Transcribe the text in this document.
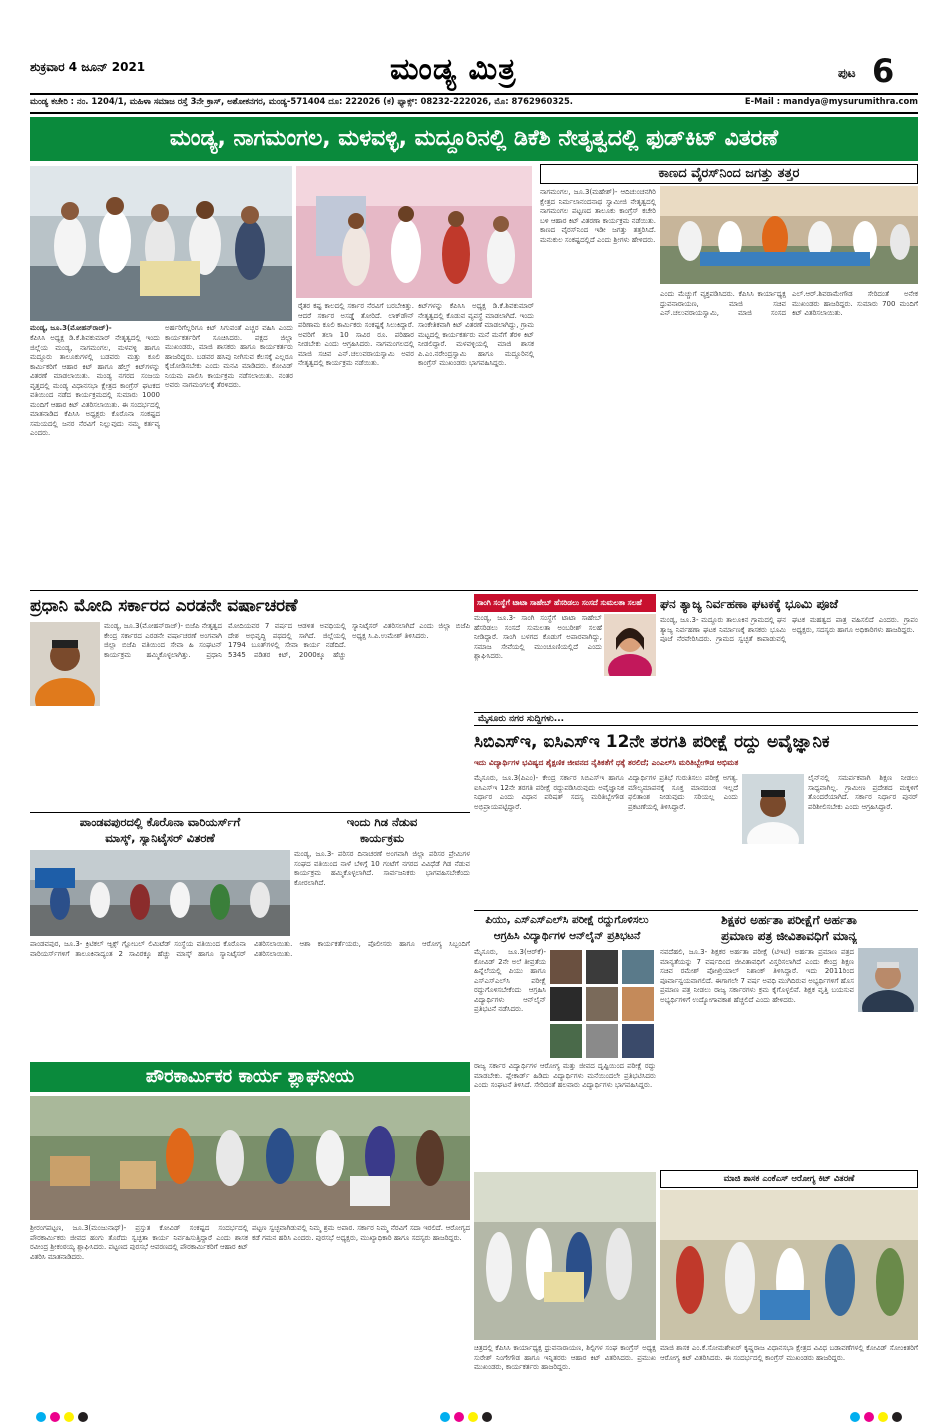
ಶುಕ್ರವಾರ 4 ಜೂನ್ 2021	ಮಂಡ್ಯ ಮಿತ್ರ	ಪುಟ 6
ಮಂಡ್ಯ ಕಚೇರಿ : ನಂ. 1204/1, ಮಹಿಳಾ ಸಮಾಜ ರಸ್ತೆ 3ನೇ ಕ್ರಾಸ್, ಅಶೋಕನಗರ, ಮಂಡ್ಯ-571404 ದೂ: 222026 (ಕ) ಫ್ಯಾಕ್ಸ್: 08232-222026, ಮೊ: 8762960325.	E-Mail : mandya@mysurumithra.com
ಮಂಡ್ಯ, ನಾಗಮಂಗಲ, ಮಳವಳ್ಳಿ, ಮದ್ದೂರಿನಲ್ಲಿ ಡಿಕೆಶಿ ನೇತೃತ್ವದಲ್ಲಿ ಫುಡ್‌ಕಿಟ್ ವಿತರಣೆ
ಮಂಡ್ಯ, ಜೂ.3(ಮೋಹನ್‌ರಾಜ್)-
ಕೆಪಿಸಿಸಿ ಅಧ್ಯಕ್ಷ ಡಿ.ಕೆ.ಶಿವಕುಮಾರ್ ನೇತೃತ್ವದಲ್ಲಿ ಇಂದು ಜಿಲ್ಲೆಯ ಮಂಡ್ಯ, ನಾಗಮಂಗಲ, ಮಳವಳ್ಳಿ ಹಾಗೂ ಮದ್ದೂರು ತಾಲೂಕುಗಳಲ್ಲಿ ಬಡವರು ಮತ್ತು ಕೂಲಿ ಕಾರ್ಮಿಕರಿಗೆ ಆಹಾರ ಕಿಟ್ ಹಾಗೂ ಹೆಲ್ತ್ ಕಿಟ್‌ಗಳನ್ನು ವಿತರಣೆ ಮಾಡಲಾಯಿತು. ಮಂಡ್ಯ ನಗರದ ಸಂಜಯ ವೃತ್ತದಲ್ಲಿ ಮಂಡ್ಯ ವಿಧಾನಸಭಾ ಕ್ಷೇತ್ರದ ಕಾಂಗ್ರೆಸ್ ಘಟಕದ ವತಿಯಿಂದ ನಡೆದ ಕಾರ್ಯಕ್ರಮದಲ್ಲಿ ಸುಮಾರು 1000 ಮಂದಿಗೆ ಆಹಾರ ಕಿಟ್ ವಿತರಿಸಲಾಯಿತು. ಈ ಸಂದರ್ಭದಲ್ಲಿ ಮಾತನಾಡಿದ ಕೆಪಿಸಿಸಿ ಅಧ್ಯಕ್ಷರು ಕೊರೊನಾ ಸಂಕಷ್ಟದ ಸಮಯದಲ್ಲಿ ಜನರ ನೆರವಿಗೆ ನಿಲ್ಲುವುದು ನಮ್ಮ ಕರ್ತವ್ಯ ಎಂದರು.
ಅರ್ಹರಿಗೆಲ್ಲರಿಗೂ ಕಿಟ್ ಸಿಗುವಂತೆ ಎಚ್ಚರ ವಹಿಸಿ ಎಂದು ಕಾರ್ಯಕರ್ತರಿಗೆ ಸೂಚಿಸಿದರು. ಪಕ್ಷದ ಜಿಲ್ಲಾ ಮುಖಂಡರು, ಮಾಜಿ ಶಾಸಕರು ಹಾಗೂ ಕಾರ್ಯಕರ್ತರು ಹಾಜರಿದ್ದರು. ಬಡವರ ಹಸಿವು ನೀಗಿಸುವ ಕೆಲಸಕ್ಕೆ ಎಲ್ಲರೂ ಕೈಜೋಡಿಸಬೇಕು ಎಂದು ಮನವಿ ಮಾಡಿದರು. ಕೋವಿಡ್ ನಿಯಮ ಪಾಲಿಸಿ ಕಾರ್ಯಕ್ರಮ ನಡೆಸಲಾಯಿತು. ನಂತರ ಅವರು ನಾಗಮಂಗಲಕ್ಕೆ ತೆರಳಿದರು.
ರೈತರ ಕಷ್ಟ ಕಾಲದಲ್ಲಿ ಸರ್ಕಾರ ನೆರವಿಗೆ ಬರಬೇಕಿತ್ತು. ಆದರೆ ಸರ್ಕಾರ ಅಸಡ್ಡೆ ತೋರಿದೆ. ಲಾಕ್‌ಡೌನ್ ಪರಿಣಾಮ ಕೂಲಿ ಕಾರ್ಮಿಕರು ಸಂಕಷ್ಟಕ್ಕೆ ಸಿಲುಕಿದ್ದಾರೆ. ಅವರಿಗೆ ತಲಾ 10 ಸಾವಿರ ರೂ. ಪರಿಹಾರ ನೀಡಬೇಕು ಎಂದು ಆಗ್ರಹಿಸಿದರು. ನಾಗಮಂಗಲದಲ್ಲಿ ಮಾಜಿ ಸಚಿವ ಎನ್.ಚಲುವರಾಯಸ್ವಾಮಿ ಅವರ ನೇತೃತ್ವದಲ್ಲಿ ಕಾರ್ಯಕ್ರಮ ನಡೆಯಿತು.
ಕಿಟ್‌ಗಳನ್ನು ಕೆಪಿಸಿಸಿ ಅಧ್ಯಕ್ಷ ಡಿ.ಕೆ.ಶಿವಕುಮಾರ್ ನೇತೃತ್ವದಲ್ಲಿ ಕೊಡುವ ವ್ಯವಸ್ಥೆ ಮಾಡಲಾಗಿದೆ. ಇಂದು ಸಾಂಕೇತಿಕವಾಗಿ ಕಿಟ್ ವಿತರಣೆ ಮಾಡಲಾಗಿದ್ದು, ಗ್ರಾಮ ಮಟ್ಟದಲ್ಲಿ ಕಾರ್ಯಕರ್ತರು ಮನೆ ಮನೆಗೆ ತೆರಳಿ ಕಿಟ್ ನೀಡಲಿದ್ದಾರೆ. ಮಳವಳ್ಳಿಯಲ್ಲಿ ಮಾಜಿ ಶಾಸಕ ಪಿ.ಎಂ.ನರೇಂದ್ರಸ್ವಾಮಿ ಹಾಗೂ ಮದ್ದೂರಿನಲ್ಲಿ ಕಾಂಗ್ರೆಸ್ ಮುಖಂಡರು ಭಾಗವಹಿಸಿದ್ದರು.
ಕಾಣದ ವೈರಸ್‌ನಿಂದ ಜಗತ್ತು ತತ್ತರ
ನಾಗಮಂಗಲ, ಜೂ.3(ಮಹೇಶ್)- ಆದಿಚುಂಚನಗಿರಿ ಕ್ಷೇತ್ರದ ನಿರ್ಮಲಾನಂದನಾಥ ಸ್ವಾಮೀಜಿ ನೇತೃತ್ವದಲ್ಲಿ ನಾಗಮಂಗಲ ಪಟ್ಟಣದ ತಾಲೂಕು ಕಾಂಗ್ರೆಸ್ ಕಚೇರಿ ಬಳಿ ಆಹಾರ ಕಿಟ್ ವಿತರಣಾ ಕಾರ್ಯಕ್ರಮ ನಡೆಯಿತು. ಕಾಣದ ವೈರಸ್‌ನಿಂದ ಇಡೀ ಜಗತ್ತು ತತ್ತರಿಸಿದೆ. ಮನುಕುಲ ಸಂಕಷ್ಟದಲ್ಲಿದೆ ಎಂದು ಶ್ರೀಗಳು ಹೇಳಿದರು.
ಎಂದು ಮೆಚ್ಚುಗೆ ವ್ಯಕ್ತಪಡಿಸಿದರು. ಕೆಪಿಸಿಸಿ ಕಾರ್ಯಾಧ್ಯಕ್ಷ ಧ್ರುವನಾರಾಯಣ, ಮಾಜಿ ಸಚಿವ ಎನ್.ಚಲುವರಾಯಸ್ವಾಮಿ, ಮಾಜಿ ಸಂಸದ ಎಲ್.ಆರ್.ಶಿವರಾಮೇಗೌಡ ಸೇರಿದಂತೆ ಅನೇಕ ಮುಖಂಡರು ಹಾಜರಿದ್ದರು. ಸುಮಾರು 700 ಮಂದಿಗೆ ಕಿಟ್ ವಿತರಿಸಲಾಯಿತು.
ಪ್ರಧಾನಿ ಮೋದಿ ಸರ್ಕಾರದ ಎರಡನೇ ವರ್ಷಾಚರಣೆ
ಮಂಡ್ಯ, ಜೂ.3(ಮೋಹನ್‌ರಾಜ್)- ಬಿಜೆಪಿ ನೇತೃತ್ವದ ಕೇಂದ್ರ ಸರ್ಕಾರದ ಎರಡನೇ ವರ್ಷಾಚರಣೆ ಅಂಗವಾಗಿ ಜಿಲ್ಲಾ ಬಿಜೆಪಿ ವತಿಯಿಂದ ಸೇವಾ ಹಿ ಸಂಘಟನ್ ಕಾರ್ಯಕ್ರಮ ಹಮ್ಮಿಕೊಳ್ಳಲಾಗಿತ್ತು. ಪ್ರಧಾನಿ ಮೋದಿಯವರ 7 ವರ್ಷದ ಆಡಳಿತ ಅವಧಿಯಲ್ಲಿ ದೇಶ ಅಭಿವೃದ್ಧಿ ಪಥದಲ್ಲಿ ಸಾಗಿದೆ. ಜಿಲ್ಲೆಯಲ್ಲಿ 1794 ಬೂತ್‌ಗಳಲ್ಲಿ ಸೇವಾ ಕಾರ್ಯ ನಡೆದಿದೆ. 5345 ಪಡಿತರ ಕಿಟ್, 2000ಕ್ಕೂ ಹೆಚ್ಚು ಸ್ಯಾನಿಟೈಸರ್ ವಿತರಿಸಲಾಗಿದೆ ಎಂದು ಜಿಲ್ಲಾ ಬಿಜೆಪಿ ಅಧ್ಯಕ್ಷ ಸಿ.ಪಿ.ಉಮೇಶ್ ತಿಳಿಸಿದರು.
ಸಾಂಗಿ ಸಂಸ್ಥೆಗೆ ಟಾಟಾ ಸಾಹೇಬ್ ಹೆಸರಿಡಲು ಸಂಸದೆ ಸುಮಲತಾ ಸಲಹೆ
ಮಂಡ್ಯ, ಜೂ.3- ಸಾಂಗಿ ಸಂಸ್ಥೆಗೆ ಟಾಟಾ ಸಾಹೇಬ್ ಹೆಸರಿಡಲು ಸಂಸದೆ ಸುಮಲತಾ ಅಂಬರೀಶ್ ಸಲಹೆ ನೀಡಿದ್ದಾರೆ. ಸಾಂಗಿ ಬಳಗದ ಕೊಡುಗೆ ಅಪಾರವಾಗಿದ್ದು, ಸಮಾಜ ಸೇವೆಯಲ್ಲಿ ಮುಂಚೂಣಿಯಲ್ಲಿದೆ ಎಂದು ಶ್ಲಾಘಿಸಿದರು.
ಘನ ತ್ಯಾಜ್ಯ ನಿರ್ವಹಣಾ ಘಟಕಕ್ಕೆ ಭೂಮಿ ಪೂಜೆ
ಮಂಡ್ಯ, ಜೂ.3- ಮದ್ದೂರು ತಾಲೂಕಿನ ಗ್ರಾಮದಲ್ಲಿ ಘನ ತ್ಯಾಜ್ಯ ನಿರ್ವಹಣಾ ಘಟಕ ನಿರ್ಮಾಣಕ್ಕೆ ಶಾಸಕರು ಭೂಮಿ ಪೂಜೆ ನೆರವೇರಿಸಿದರು. ಗ್ರಾಮದ ಸ್ವಚ್ಛತೆ ಕಾಪಾಡುವಲ್ಲಿ ಘಟಕ ಮಹತ್ವದ ಪಾತ್ರ ವಹಿಸಲಿದೆ ಎಂದರು. ಗ್ರಾಪಂ ಅಧ್ಯಕ್ಷರು, ಸದಸ್ಯರು ಹಾಗೂ ಅಧಿಕಾರಿಗಳು ಹಾಜರಿದ್ದರು.
ಮೈಸೂರು ನಗರ ಸುದ್ದಿಗಳು...
ಸಿಬಿಎಸ್‌ಇ, ಐಸಿಎಸ್‌ಇ 12ನೇ ತರಗತಿ ಪರೀಕ್ಷೆ ರದ್ದು ಅವೈಜ್ಞಾನಿಕ
ಇದು ವಿದ್ಯಾರ್ಥಿಗಳ ಭವಿಷ್ಯದ ಶೈಕ್ಷಣಿಕ ಜೀವನದ ನೈತಿಕತೆಗೆ ಧಕ್ಕೆ ತರಲಿದೆ; ಎಂಎಲ್‌ಸಿ ಮರಿತಿಬ್ಬೇಗೌಡ ಅಭಿಮತ
ಮೈಸೂರು, ಜೂ.3(ಪಿಎಂ)- ಕೇಂದ್ರ ಸರ್ಕಾರ ಸಿಬಿಎಸ್‌ಇ ಹಾಗೂ ಐಸಿಎಸ್‌ಇ 12ನೇ ತರಗತಿ ಪರೀಕ್ಷೆ ರದ್ದುಪಡಿಸಿರುವುದು ಅವೈಜ್ಞಾನಿಕ ನಿರ್ಧಾರ ಎಂದು ವಿಧಾನ ಪರಿಷತ್ ಸದಸ್ಯ ಮರಿತಿಬ್ಬೇಗೌಡ ಅಭಿಪ್ರಾಯಪಟ್ಟಿದ್ದಾರೆ.
ವಿದ್ಯಾರ್ಥಿಗಳ ಪ್ರತಿಭೆ ಗುರುತಿಸಲು ಪರೀಕ್ಷೆ ಅಗತ್ಯ. ಮೌಲ್ಯಮಾಪನಕ್ಕೆ ಸೂಕ್ತ ಮಾನದಂಡ ಇಲ್ಲದೆ ಫಲಿತಾಂಶ ನೀಡುವುದು ಸರಿಯಲ್ಲ ಎಂದು ಪ್ರಕಟಣೆಯಲ್ಲಿ ತಿಳಿಸಿದ್ದಾರೆ.
ಲೈನ್‌ನಲ್ಲಿ ಸಮರ್ಪಕವಾಗಿ ಶಿಕ್ಷಣ ನೀಡಲು ಸಾಧ್ಯವಾಗಿಲ್ಲ. ಗ್ರಾಮೀಣ ಪ್ರದೇಶದ ಮಕ್ಕಳಿಗೆ ತೊಂದರೆಯಾಗಿದೆ. ಸರ್ಕಾರ ನಿರ್ಧಾರ ಪುನರ್ ಪರಿಶೀಲಿಸಬೇಕು ಎಂದು ಆಗ್ರಹಿಸಿದ್ದಾರೆ.
ಪಾಂಡವಪುರದಲ್ಲಿ ಕೊರೊನಾ ವಾರಿಯರ್ಸ್‌ಗೆ
ಮಾಸ್ಕ್, ಸ್ಯಾನಿಟೈಸರ್ ವಿತರಣೆ
ಪಾಂಡವಪುರ, ಜೂ.3- ಕ್ರಿಟಿಕಲ್ ಆ್ಯಕ್ಸ್ ಗ್ಲೋಬಲ್ ಲಿಮಿಟೆಡ್ ಸಂಸ್ಥೆಯ ವತಿಯಿಂದ ಕೊರೊನಾ ವಾರಿಯರ್ಸ್‌ಗಳಿಗೆ ತಾಲೂಕಿನಾದ್ಯಂತ 2 ಸಾವಿರಕ್ಕೂ ಹೆಚ್ಚು ಮಾಸ್ಕ್ ಹಾಗೂ ಸ್ಯಾನಿಟೈಸರ್ ವಿತರಿಸಲಾಯಿತು. ಆಶಾ ಕಾರ್ಯಕರ್ತೆಯರು, ಪೊಲೀಸರು ಹಾಗೂ ಆರೋಗ್ಯ ಸಿಬ್ಬಂದಿಗೆ ವಿತರಿಸಲಾಯಿತು.
ಇಂದು ಗಿಡ ನೆಡುವ
ಕಾರ್ಯಕ್ರಮ
ಮಂಡ್ಯ, ಜೂ.3- ಪರಿಸರ ದಿನಾಚರಣೆ ಅಂಗವಾಗಿ ಜಿಲ್ಲಾ ಪರಿಸರ ಪ್ರೇಮಿಗಳ ಸಂಘದ ವತಿಯಿಂದ ನಾಳೆ ಬೆಳಿಗ್ಗೆ 10 ಗಂಟೆಗೆ ನಗರದ ವಿವಿಧೆಡೆ ಗಿಡ ನೆಡುವ ಕಾರ್ಯಕ್ರಮ ಹಮ್ಮಿಕೊಳ್ಳಲಾಗಿದೆ. ಸಾರ್ವಜನಿಕರು ಭಾಗವಹಿಸಬೇಕೆಂದು ಕೋರಲಾಗಿದೆ.
ಪಿಯು, ಎಸ್‌ಎಸ್‌ಎಲ್‌ಸಿ ಪರೀಕ್ಷೆ ರದ್ದುಗೊಳಿಸಲು
ಆಗ್ರಹಿಸಿ ವಿದ್ಯಾರ್ಥಿಗಳ ಆನ್‌ಲೈನ್ ಪ್ರತಿಭಟನೆ
ಮೈಸೂರು, ಜೂ.3(ಆರ್‌ಕೆ)- ಕೋವಿಡ್ 2ನೇ ಅಲೆ ತೀವ್ರತೆಯ ಹಿನ್ನೆಲೆಯಲ್ಲಿ ಪಿಯು ಹಾಗೂ ಎಸ್‌ಎಸ್‌ಎಲ್‌ಸಿ ಪರೀಕ್ಷೆ ರದ್ದುಗೊಳಿಸಬೇಕೆಂದು ಆಗ್ರಹಿಸಿ ವಿದ್ಯಾರ್ಥಿಗಳು ಆನ್‌ಲೈನ್ ಪ್ರತಿಭಟನೆ ನಡೆಸಿದರು.
ರಾಜ್ಯ ಸರ್ಕಾರ ವಿದ್ಯಾರ್ಥಿಗಳ ಆರೋಗ್ಯ ಮತ್ತು ಜೀವದ ದೃಷ್ಟಿಯಿಂದ ಪರೀಕ್ಷೆ ರದ್ದು ಮಾಡಬೇಕು. ಪ್ಲೇಕಾರ್ಡ್ ಹಿಡಿದು ವಿದ್ಯಾರ್ಥಿಗಳು ಮನೆಯಿಂದಲೇ ಪ್ರತಿಭಟಿಸಿದರು ಎಂದು ಸಂಘಟನೆ ತಿಳಿಸಿದೆ. ಸೇರಿದಂತೆ ಹಲವಾರು ವಿದ್ಯಾರ್ಥಿಗಳು ಭಾಗವಹಿಸಿದ್ದರು.
ಶಿಕ್ಷಕರ ಅರ್ಹತಾ ಪರೀಕ್ಷೆಗೆ ಅರ್ಹತಾ
ಪ್ರಮಾಣ ಪತ್ರ ಜೀವಿತಾವಧಿಗೆ ಮಾನ್ಯ
ನವದೆಹಲಿ, ಜೂ.3- ಶಿಕ್ಷಕರ ಅರ್ಹತಾ ಪರೀಕ್ಷೆ (ಟಿಇಟಿ) ಅರ್ಹತಾ ಪ್ರಮಾಣ ಪತ್ರದ ಮಾನ್ಯತೆಯನ್ನು 7 ವರ್ಷದಿಂದ ಜೀವಿತಾವಧಿಗೆ ವಿಸ್ತರಿಸಲಾಗಿದೆ ಎಂದು ಕೇಂದ್ರ ಶಿಕ್ಷಣ ಸಚಿವ ರಮೇಶ್ ಪೋಖ್ರಿಯಾಲ್ ನಿಶಾಂಕ್ ತಿಳಿಸಿದ್ದಾರೆ. ಇದು 2011ರಿಂದ ಪೂರ್ವಾನ್ವಯವಾಗಲಿದೆ. ಈಗಾಗಲೇ 7 ವರ್ಷ ಅವಧಿ ಮುಗಿದಿರುವ ಅಭ್ಯರ್ಥಿಗಳಿಗೆ ಹೊಸ ಪ್ರಮಾಣ ಪತ್ರ ನೀಡಲು ರಾಜ್ಯ ಸರ್ಕಾರಗಳು ಕ್ರಮ ಕೈಗೊಳ್ಳಲಿವೆ. ಶಿಕ್ಷಕ ವೃತ್ತಿ ಬಯಸುವ ಅಭ್ಯರ್ಥಿಗಳಿಗೆ ಉದ್ಯೋಗಾವಕಾಶ ಹೆಚ್ಚಲಿದೆ ಎಂದು ಹೇಳಿದರು.
ಪೌರಕಾರ್ಮಿಕರ ಕಾರ್ಯ ಶ್ಲಾಘನೀಯ
ಶ್ರೀರಂಗಪಟ್ಟಣ, ಜೂ.3(ಮಂಜುನಾಥ್)- ಪ್ರಸ್ತುತ ಕೋವಿಡ್ ಸಂಕಷ್ಟದ ಸಂದರ್ಭದಲ್ಲಿ ಪೌರಕಾರ್ಮಿಕರು ಜೀವದ ಹಂಗು ತೊರೆದು ಸ್ವಚ್ಛತಾ ಕಾರ್ಯ ನಿರ್ವಹಿಸುತ್ತಿದ್ದಾರೆ ಎಂದು ಶಾಸಕ ರವೀಂದ್ರ ಶ್ರೀಕಂಠಯ್ಯ ಶ್ಲಾಘಿಸಿದರು. ಪಟ್ಟಣದ ಪುರಸಭೆ ಆವರಣದಲ್ಲಿ ಪೌರಕಾರ್ಮಿಕರಿಗೆ ಆಹಾರ ಕಿಟ್ ವಿತರಿಸಿ ಮಾತನಾಡಿದರು.
ಪಟ್ಟಣ ಸ್ವಚ್ಛವಾಗಿಡುವಲ್ಲಿ ನಿಮ್ಮ ಶ್ರಮ ಅಪಾರ. ಸರ್ಕಾರ ನಿಮ್ಮ ನೆರವಿಗೆ ಸದಾ ಇರಲಿದೆ. ಆರೋಗ್ಯದ ಕಡೆ ಗಮನ ಹರಿಸಿ ಎಂದರು. ಪುರಸಭೆ ಅಧ್ಯಕ್ಷರು, ಮುಖ್ಯಾಧಿಕಾರಿ ಹಾಗೂ ಸದಸ್ಯರು ಹಾಜರಿದ್ದರು.
ಮಾಜಿ ಶಾಸಕ ಎಂಕೆಎಸ್ ಆರೋಗ್ಯ ಕಿಟ್ ವಿತರಣೆ
ಮಾಜಿ ಶಾಸಕ ಎಂ.ಕೆ.ಸೋಮಶೇಖರ್ ಕೃಷ್ಣರಾಜ ವಿಧಾನಸಭಾ ಕ್ಷೇತ್ರದ ವಿವಿಧ ಬಡಾವಣೆಗಳಲ್ಲಿ ಕೋವಿಡ್ ಸೋಂಕಿತರಿಗೆ ಆರೋಗ್ಯ ಕಿಟ್ ವಿತರಿಸಿದರು. ಈ ಸಂದರ್ಭದಲ್ಲಿ ಕಾಂಗ್ರೆಸ್ ಮುಖಂಡರು ಹಾಜರಿದ್ದರು.
ಚಿತ್ರದಲ್ಲಿ ಕೆಪಿಸಿಸಿ ಕಾರ್ಯಾಧ್ಯಕ್ಷ ಧ್ರುವನಾರಾಯಣ, ಶಿಲ್ಪಿಗಳ ಸಂಘ ಕಾಂಗ್ರೆಸ್ ಅಧ್ಯಕ್ಷ ಸುರೇಶ್ ನಿಂಗೇಗೌಡ ಹಾಗೂ ಇನ್ನಿತರರು ಆಹಾರ ಕಿಟ್ ವಿತರಿಸಿದರು. ಪ್ರಮುಖ ಮುಖಂಡರು, ಕಾರ್ಯಕರ್ತರು ಹಾಜರಿದ್ದರು.
